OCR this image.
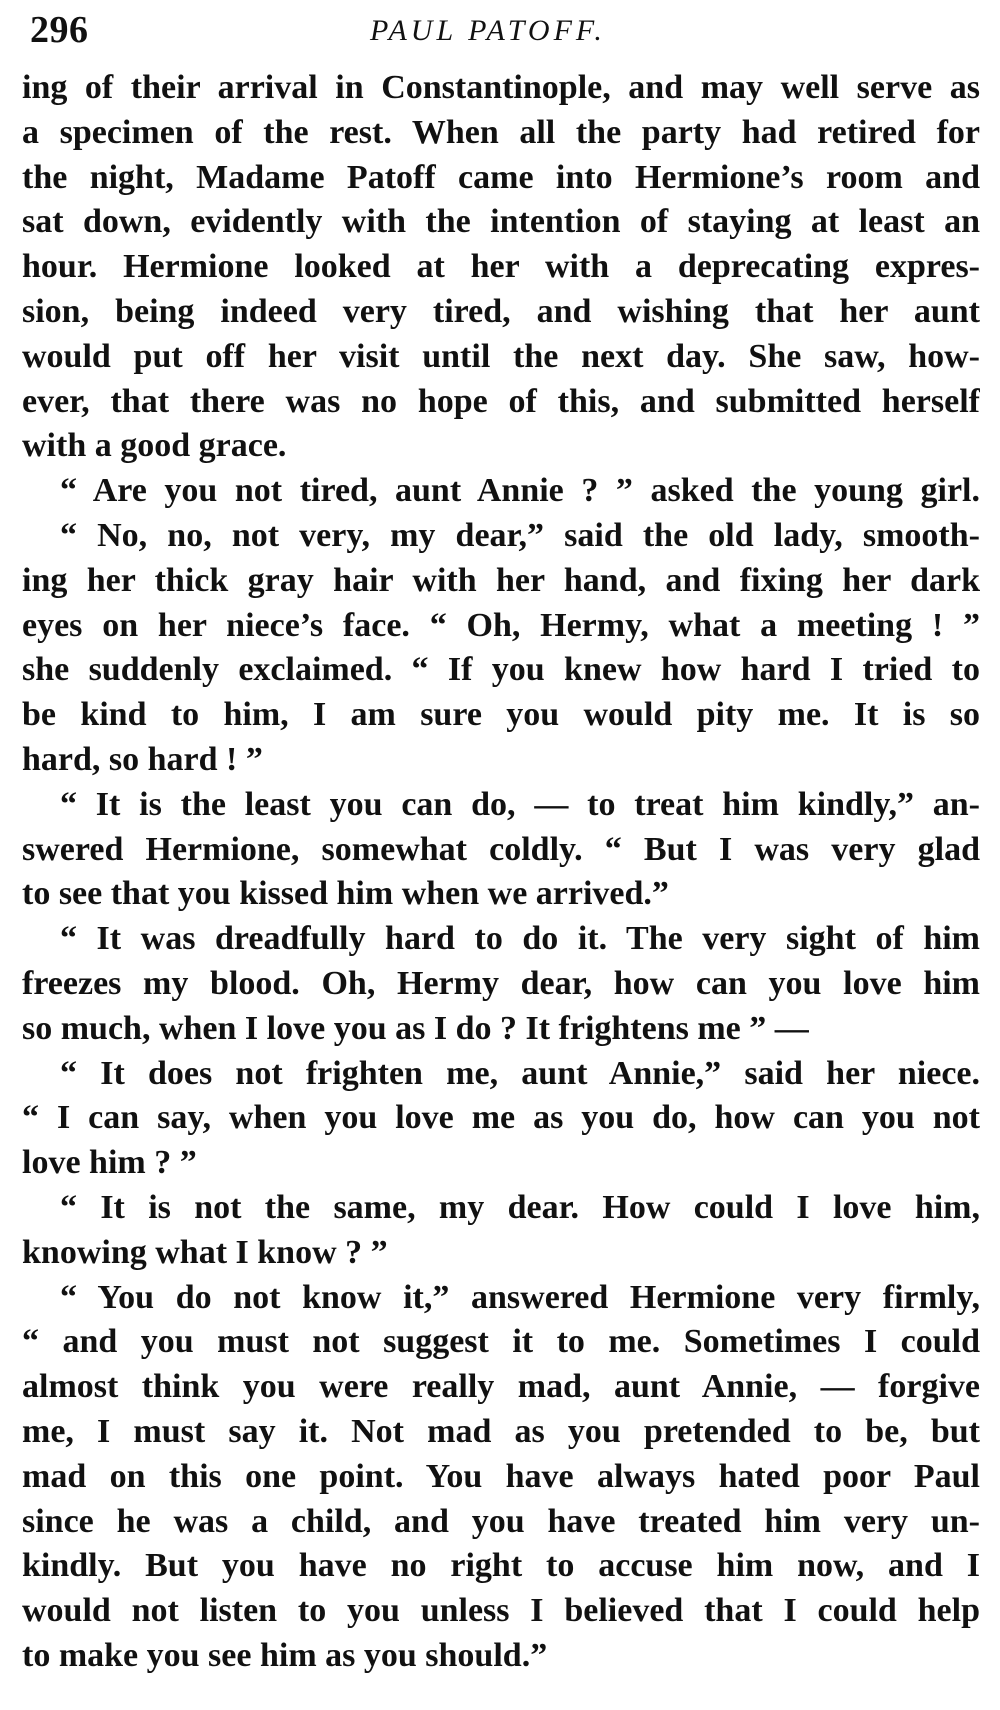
296	PAUL PATOFF.
ing of their arrival in Constantinople, and may well serve as
a specimen of the rest. When all the party had retired for
the night, Madame Patoff came into Hermione’s room and
sat down, evidently with the intention of staying at least an
hour. Hermione looked at her with a deprecating expres-
sion, being indeed very tired, and wishing that her aunt
would put off her visit until the next day. She saw, how-
ever, that there was no hope of this, and submitted herself
with a good grace.
“ Are you not tired, aunt Annie ? ” asked the young girl.
“ No, no, not very, my dear,” said the old lady, smooth-
ing her thick gray hair with her hand, and fixing her dark
eyes on her niece’s face. “ Oh, Hermy, what a meeting ! ”
she suddenly exclaimed. “ If you knew how hard I tried to
be kind to him, I am sure you would pity me. It is so
hard, so hard ! ”
“ It is the least you can do, — to treat him kindly,” an-
swered Hermione, somewhat coldly. “ But I was very glad
to see that you kissed him when we arrived.”
“ It was dreadfully hard to do it. The very sight of him
freezes my blood. Oh, Hermy dear, how can you love him
so much, when I love you as I do ? It frightens me ” —
“ It does not frighten me, aunt Annie,” said her niece.
“ I can say, when you love me as you do, how can you not
love him ? ”
“ It is not the same, my dear. How could I love him,
knowing what I know ? ”
“ You do not know it,” answered Hermione very firmly,
“ and you must not suggest it to me. Sometimes I could
almost think you were really mad, aunt Annie, — forgive
me, I must say it. Not mad as you pretended to be, but
mad on this one point. You have always hated poor Paul
since he was a child, and you have treated him very un-
kindly. But you have no right to accuse him now, and I
would not listen to you unless I believed that I could help
to make you see him as you should.”
